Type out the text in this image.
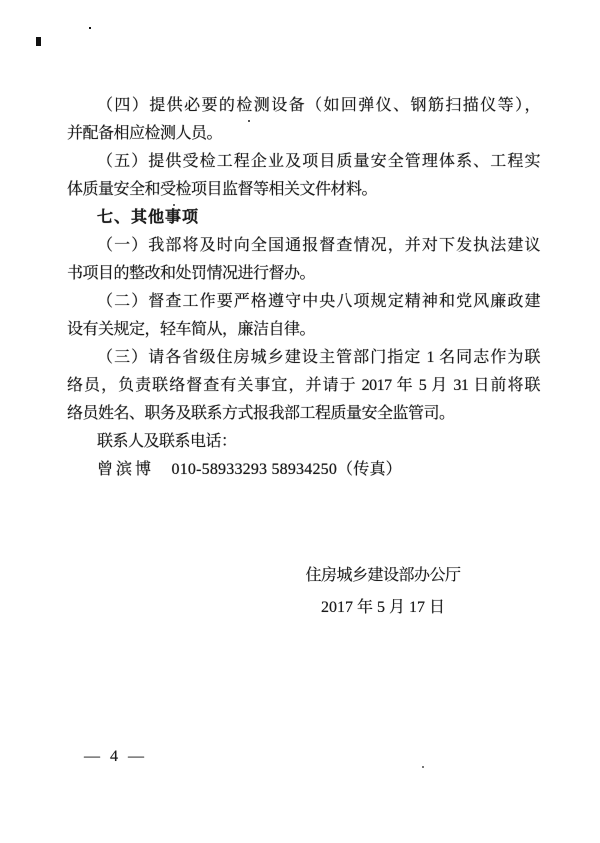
（四）提供必要的检测设备（如回弹仪、钢筋扫描仪等），
并配备相应检测人员。
（五）提供受检工程企业及项目质量安全管理体系、工程实
体质量安全和受检项目监督等相关文件材料。
七、其他事项
（一）我部将及时向全国通报督查情况，并对下发执法建议
书项目的整改和处罚情况进行督办。
（二）督查工作要严格遵守中央八项规定精神和党风廉政建
设有关规定，轻车简从，廉洁自律。
（三）请各省级住房城乡建设主管部门指定 1 名同志作为联
络员，负责联络督查有关事宜，并请于 2017 年 5 月 31 日前将联
络员姓名、职务及联系方式报我部工程质量安全监管司。
联系人及联系电话：
曾滨博 010-58933293 58934250（传真）
住房城乡建设部办公厅
2017 年 5 月 17 日
— 4 —
